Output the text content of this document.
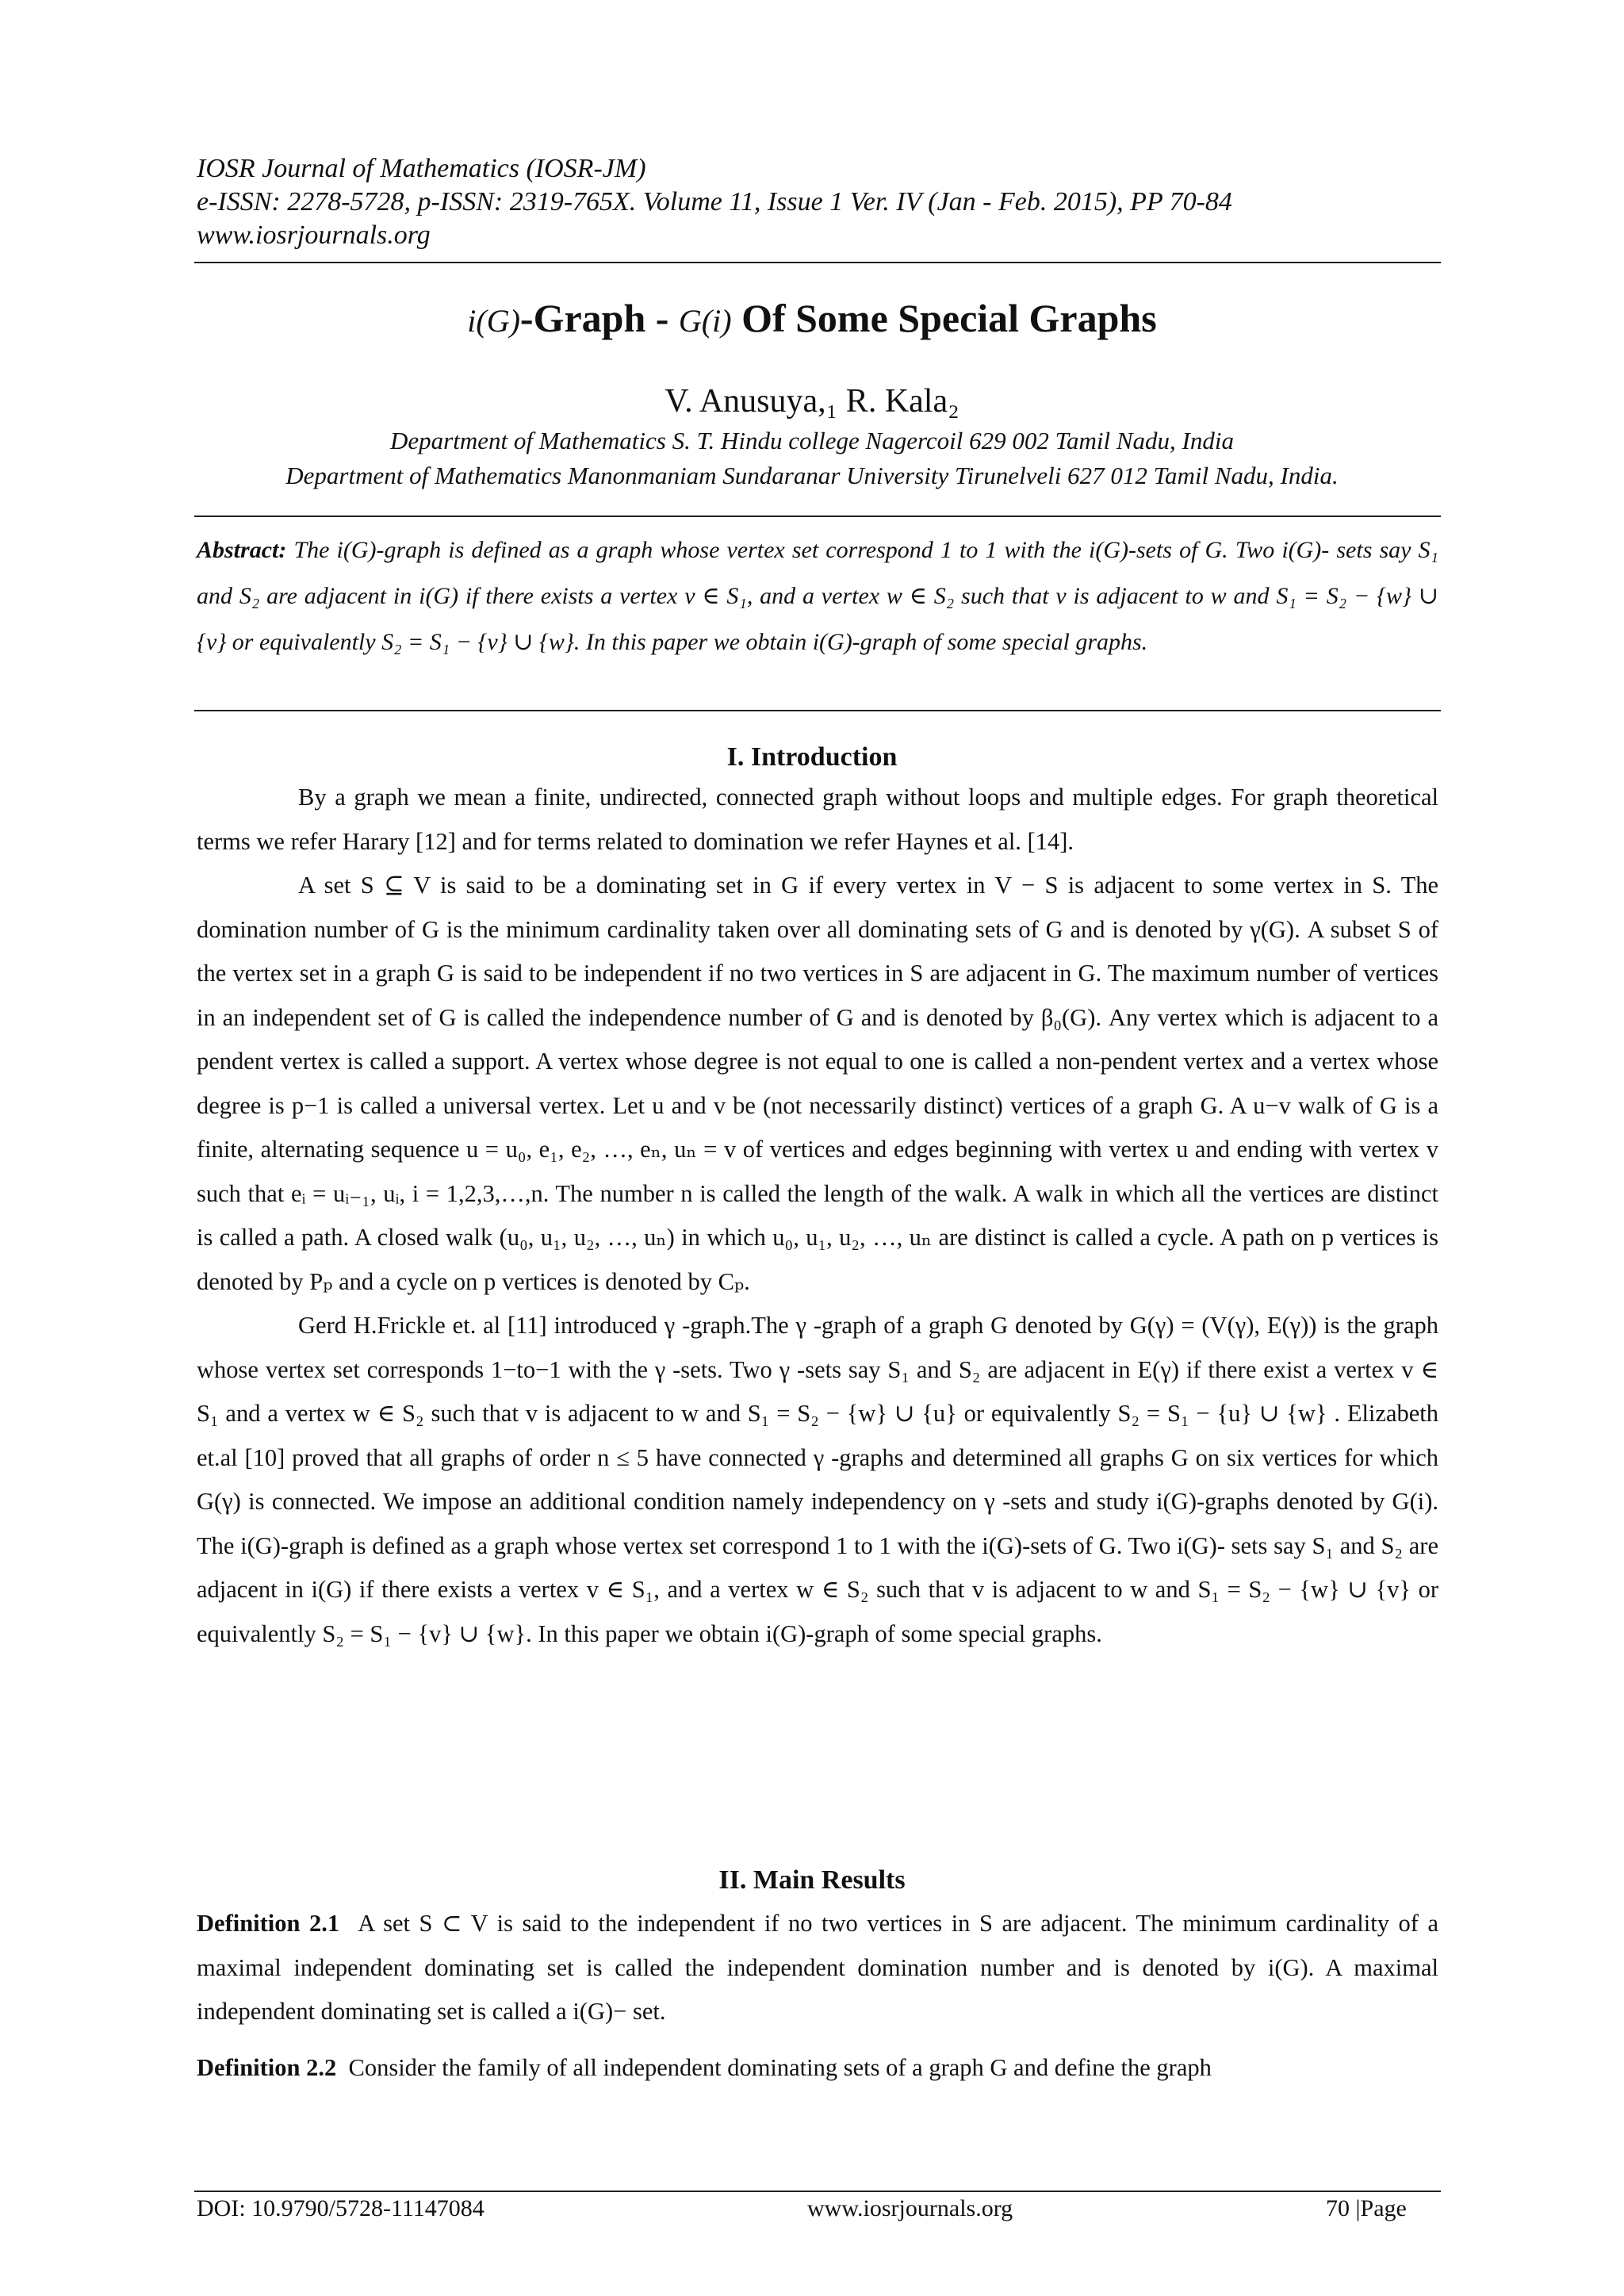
IOSR Journal of Mathematics (IOSR-JM)
e-ISSN: 2278-5728, p-ISSN: 2319-765X. Volume 11, Issue 1 Ver. IV (Jan - Feb. 2015), PP 70-84
www.iosrjournals.org
i(G)-Graph - G(i) Of Some Special Graphs
V. Anusuya,₁ R. Kala₂
Department of Mathematics S. T. Hindu college Nagercoil 629 002 Tamil Nadu, India
Department of Mathematics Manonmaniam Sundaranar University Tirunelveli 627 012 Tamil Nadu, India.
Abstract: The i(G)-graph is defined as a graph whose vertex set correspond 1 to 1 with the i(G)-sets of G. Two i(G)- sets say S₁ and S₂ are adjacent in i(G) if there exists a vertex v ∈ S₁, and a vertex w ∈ S₂ such that v is adjacent to w and S₁ = S₂ − {w} ∪ {v} or equivalently S₂ = S₁ − {v} ∪ {w}. In this paper we obtain i(G)-graph of some special graphs.
I. Introduction

By a graph we mean a finite, undirected, connected graph without loops and multiple edges. For graph theoretical terms we refer Harary [12] and for terms related to domination we refer Haynes et al. [14].

A set S ⊆ V is said to be a dominating set in G if every vertex in V − S is adjacent to some vertex in S. The domination number of G is the minimum cardinality taken over all dominating sets of G and is denoted by γ(G). A subset S of the vertex set in a graph G is said to be independent if no two vertices in S are adjacent in G. The maximum number of vertices in an independent set of G is called the independence number of G and is denoted by β₀(G). Any vertex which is adjacent to a pendent vertex is called a support. A vertex whose degree is not equal to one is called a non-pendent vertex and a vertex whose degree is p−1 is called a universal vertex. Let u and v be (not necessarily distinct) vertices of a graph G. A u−v walk of G is a finite, alternating sequence u = u₀, e₁, e₂, …, eₙ, uₙ = v of vertices and edges beginning with vertex u and ending with vertex v such that eᵢ = uᵢ₋₁, uᵢ, i = 1,2,3,…,n. The number n is called the length of the walk. A walk in which all the vertices are distinct is called a path. A closed walk (u₀, u₁, u₂, …, uₙ) in which u₀, u₁, u₂, …, uₙ are distinct is called a cycle. A path on p vertices is denoted by Pₚ and a cycle on p vertices is denoted by Cₚ.

Gerd H.Frickle et. al [11] introduced γ -graph.The γ -graph of a graph G denoted by G(γ) = (V(γ), E(γ)) is the graph whose vertex set corresponds 1−to−1 with the γ -sets. Two γ -sets say S₁ and S₂ are adjacent in E(γ) if there exist a vertex v ∈ S₁ and a vertex w ∈ S₂ such that v is adjacent to w and S₁ = S₂ − {w} ∪ {u} or equivalently S₂ = S₁ − {u} ∪ {w} . Elizabeth et.al [10] proved that all graphs of order n ≤ 5 have connected γ -graphs and determined all graphs G on six vertices for which G(γ) is connected. We impose an additional condition namely independency on γ -sets and study i(G)-graphs denoted by G(i). The i(G)-graph is defined as a graph whose vertex set correspond 1 to 1 with the i(G)-sets of G. Two i(G)- sets say S₁ and S₂ are adjacent in i(G) if there exists a vertex v ∈ S₁, and a vertex w ∈ S₂ such that v is adjacent to w and S₁ = S₂ − {w} ∪ {v} or equivalently S₂ = S₁ − {v} ∪ {w}. In this paper we obtain i(G)-graph of some special graphs.

II. Main Results

Definition 2.1 A set S ⊂ V is said to the independent if no two vertices in S are adjacent. The minimum cardinality of a maximal independent dominating set is called the independent domination number and is denoted by i(G). A maximal independent dominating set is called a i(G)− set.

Definition 2.2 Consider the family of all independent dominating sets of a graph G and define the graph

DOI: 10.9790/5728-11147084	www.iosrjournals.org	70 |Page
